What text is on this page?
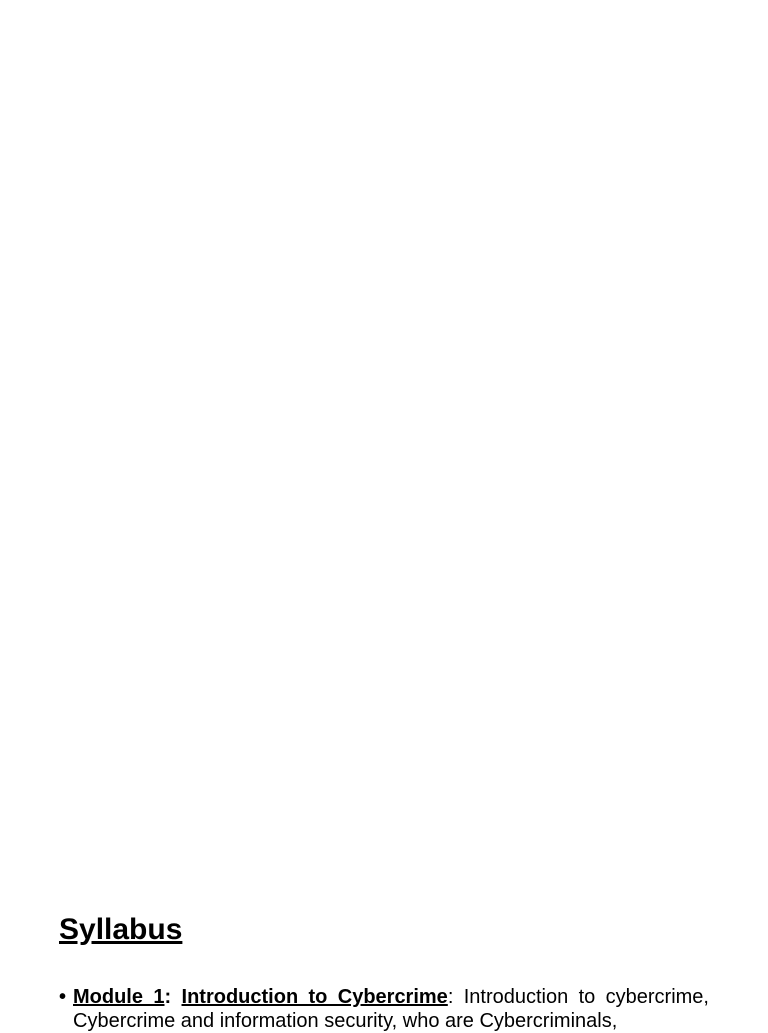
Syllabus

• Module 1: Introduction to Cybercrime: Introduction to cybercrime, Cybercrime and information security, who are Cybercriminals,
